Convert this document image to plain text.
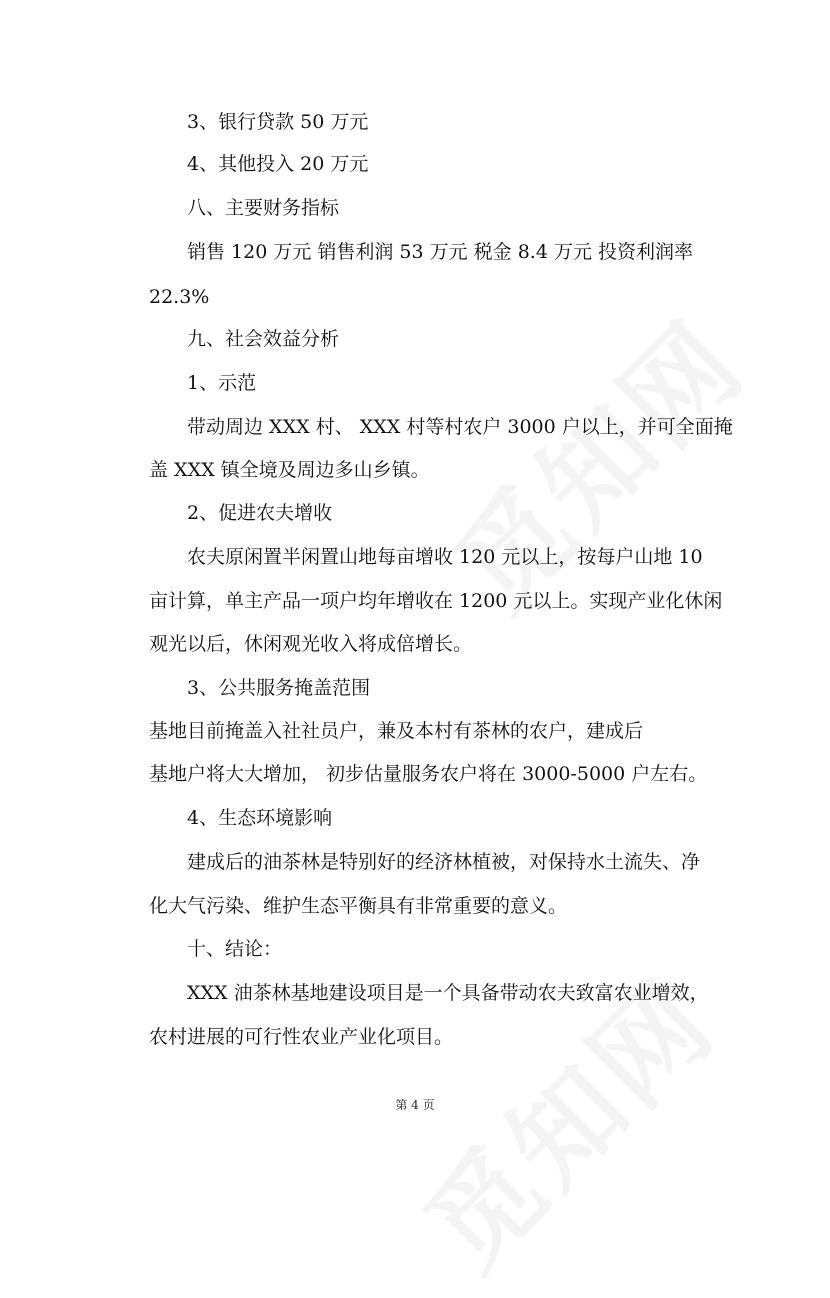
3、银行贷款 50 万元
4、其他投入 20 万元
八、主要财务指标
销售 120 万元 销售利润 53 万元 税金 8.4 万元 投资利润率
22.3%
九、社会效益分析
1、示范
带动周边 XXX 村、 XXX 村等村农户 3000 户以上，并可全面掩
盖 XXX 镇全境及周边多山乡镇。
2、促进农夫增收
农夫原闲置半闲置山地每亩增收 120 元以上，按每户山地 10
亩计算，单主产品一项户均年增收在 1200 元以上。实现产业化休闲
观光以后，休闲观光收入将成倍增长。
3、公共服务掩盖范围
基地目前掩盖入社社员户，兼及本村有茶林的农户，建成后
基地户将大大增加， 初步估量服务农户将在 3000-5000 户左右。
4、生态环境影响
建成后的油茶林是特别好的经济林植被，对保持水土流失、净
化大气污染、维护生态平衡具有非常重要的意义。
十、结论：
XXX 油茶林基地建设项目是一个具备带动农夫致富农业增效，
农村进展的可行性农业产业化项目。
第 4 页
